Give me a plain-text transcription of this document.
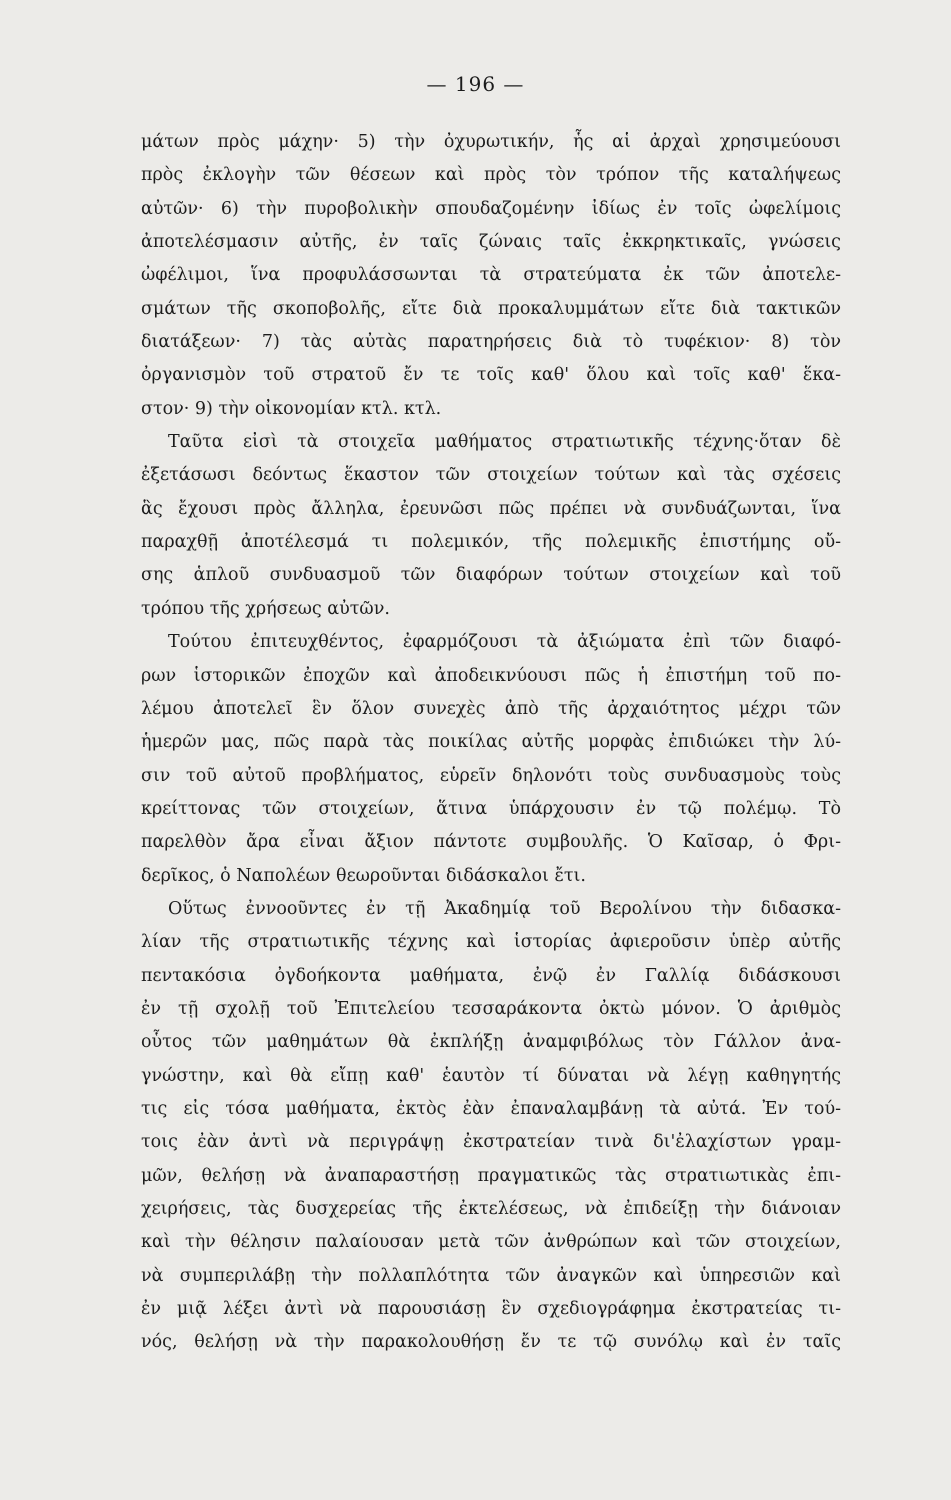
— 196 —
μάτων πρὸς μάχην· 5) τὴν ὀχυρωτικήν, ἧς αἱ ἀρχαὶ χρησιμεύουσι
πρὸς ἐκλογὴν τῶν θέσεων καὶ πρὸς τὸν τρόπον τῆς καταλήψεως
αὐτῶν· 6) τὴν πυροβολικὴν σπουδαζομένην ἰδίως ἐν τοῖς ὠφελίμοις
ἀποτελέσμασιν αὐτῆς, ἐν ταῖς ζώναις ταῖς ἐκκρηκτικαῖς, γνώσεις
ὠφέλιμοι, ἵνα προφυλάσσωνται τὰ στρατεύματα ἐκ τῶν ἀποτελε-
σμάτων τῆς σκοποβολῆς, εἴτε διὰ προκαλυμμάτων εἴτε διὰ τακτικῶν
διατάξεων· 7) τὰς αὐτὰς παρατηρήσεις διὰ τὸ τυφέκιον· 8) τὸν
ὀργανισμὸν τοῦ στρατοῦ ἔν τε τοῖς καθ' ὅλου καὶ τοῖς καθ' ἕκα-
στον· 9) τὴν οἰκονομίαν κτλ. κτλ.
Ταῦτα εἰσὶ τὰ στοιχεῖα μαθήματος στρατιωτικῆς τέχνης·ὅταν δὲ
ἐξετάσωσι δεόντως ἕκαστον τῶν στοιχείων τούτων καὶ τὰς σχέσεις
ἃς ἔχουσι πρὸς ἄλληλα, ἐρευνῶσι πῶς πρέπει νὰ συνδυάζωνται, ἵνα
παραχθῇ ἀποτέλεσμά τι πολεμικόν, τῆς πολεμικῆς ἐπιστήμης οὔ-
σης ἁπλοῦ συνδυασμοῦ τῶν διαφόρων τούτων στοιχείων καὶ τοῦ
τρόπου τῆς χρήσεως αὐτῶν.
Τούτου ἐπιτευχθέντος, ἐφαρμόζουσι τὰ ἀξιώματα ἐπὶ τῶν διαφό-
ρων ἱστορικῶν ἐποχῶν καὶ ἀποδεικνύουσι πῶς ἡ ἐπιστήμη τοῦ πο-
λέμου ἀποτελεῖ ἓν ὅλον συνεχὲς ἀπὸ τῆς ἀρχαιότητος μέχρι τῶν
ἡμερῶν μας, πῶς παρὰ τὰς ποικίλας αὐτῆς μορφὰς ἐπιδιώκει τὴν λύ-
σιν τοῦ αὐτοῦ προβλήματος, εὑρεῖν δηλονότι τοὺς συνδυασμοὺς τοὺς
κρείττονας τῶν στοιχείων, ἅτινα ὑπάρχουσιν ἐν τῷ πολέμῳ. Τὸ
παρελθὸν ἄρα εἶναι ἄξιον πάντοτε συμβουλῆς. Ὁ Καῖσαρ, ὁ Φρι-
δερῖκος, ὁ Ναπολέων θεωροῦνται διδάσκαλοι ἔτι.
Οὕτως ἐννοοῦντες ἐν τῇ Ἀκαδημίᾳ τοῦ Βερολίνου τὴν διδασκα-
λίαν τῆς στρατιωτικῆς τέχνης καὶ ἱστορίας ἀφιεροῦσιν ὑπὲρ αὐτῆς
πεντακόσια ὀγδοήκοντα μαθήματα, ἐνῷ ἐν Γαλλίᾳ διδάσκουσι
ἐν τῇ σχολῇ τοῦ Ἐπιτελείου τεσσαράκοντα ὀκτὼ μόνον. Ὁ ἀριθμὸς
οὗτος τῶν μαθημάτων θὰ ἐκπλήξῃ ἀναμφιβόλως τὸν Γάλλον ἀνα-
γνώστην, καὶ θὰ εἴπῃ καθ' ἑαυτὸν τί δύναται νὰ λέγῃ καθηγητής
τις εἰς τόσα μαθήματα, ἐκτὸς ἐὰν ἐπαναλαμβάνῃ τὰ αὐτά. Ἐν τού-
τοις ἐὰν ἀντὶ νὰ περιγράψῃ ἐκστρατείαν τινὰ δι'ἐλαχίστων γραμ-
μῶν, θελήσῃ νὰ ἀναπαραστήσῃ πραγματικῶς τὰς στρατιωτικὰς ἐπι-
χειρήσεις, τὰς δυσχερείας τῆς ἐκτελέσεως, νὰ ἐπιδείξῃ τὴν διάνοιαν
καὶ τὴν θέλησιν παλαίουσαν μετὰ τῶν ἀνθρώπων καὶ τῶν στοιχείων,
νὰ συμπεριλάβῃ τὴν πολλαπλότητα τῶν ἀναγκῶν καὶ ὑπηρεσιῶν καὶ
ἐν μιᾷ λέξει ἀντὶ νὰ παρουσιάσῃ ἓν σχεδιογράφημα ἐκστρατείας τι-
νός, θελήσῃ νὰ τὴν παρακολουθήσῃ ἔν τε τῷ συνόλῳ καὶ ἐν ταῖς
